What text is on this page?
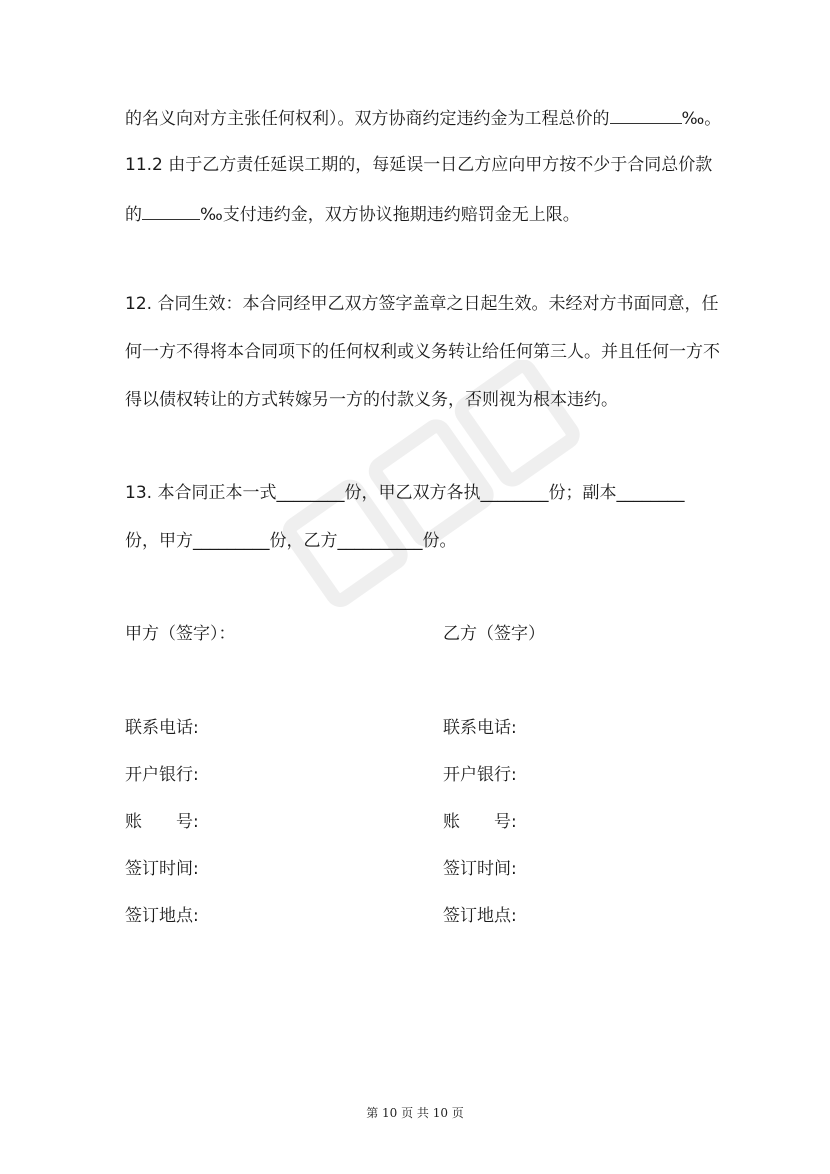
的名义向对方主张任何权利）。双方协商约定违约金为工程总价的	‰。
11.2 由于乙方责任延误工期的，每延误一日乙方应向甲方按不少于合同总价款
的	‰支付违约金，双方协议拖期违约赔罚金无上限。
12. 合同生效：本合同经甲乙双方签字盖章之日起生效。未经对方书面同意，任
何一方不得将本合同项下的任何权利或义务转让给任何第三人。并且任何一方不
得以债权转让的方式转嫁另一方的付款义务，否则视为根本违约。
13. 本合同正本一式________份，甲乙双方各执________份；副本________
份，甲方_________份，乙方__________份。
甲方（签字）：	乙方（签字）
联系电话:	联系电话:
开户银行:	开户银行:
账　　号:	账　　号:
签订时间:	签订时间:
签订地点:	签订地点:
第 10 页 共 10 页
